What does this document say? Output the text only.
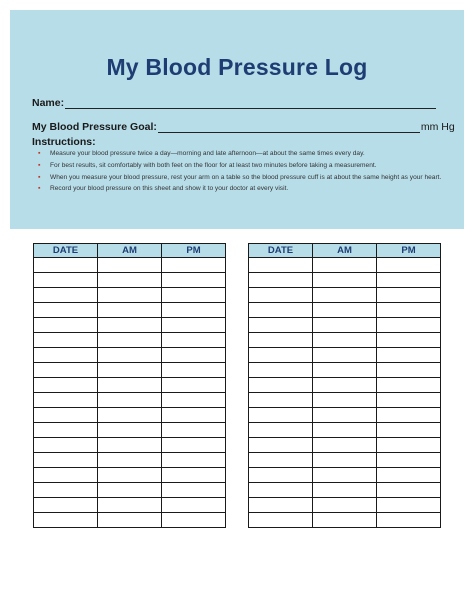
My Blood Pressure Log
Name:
My Blood Pressure Goal:	mm Hg
Instructions:
▪ Measure your blood pressure twice a day—morning and late afternoon—at about the same times every day.
▪ For best results, sit comfortably with both feet on the floor for at least two minutes before taking a measurement.
▪ When you measure your blood pressure, rest your arm on a table so the blood pressure cuff is at about the same height as your heart.
▪ Record your blood pressure on this sheet and show it to your doctor at every visit.
DATE	AM	PM

			DATE	AM	PM
